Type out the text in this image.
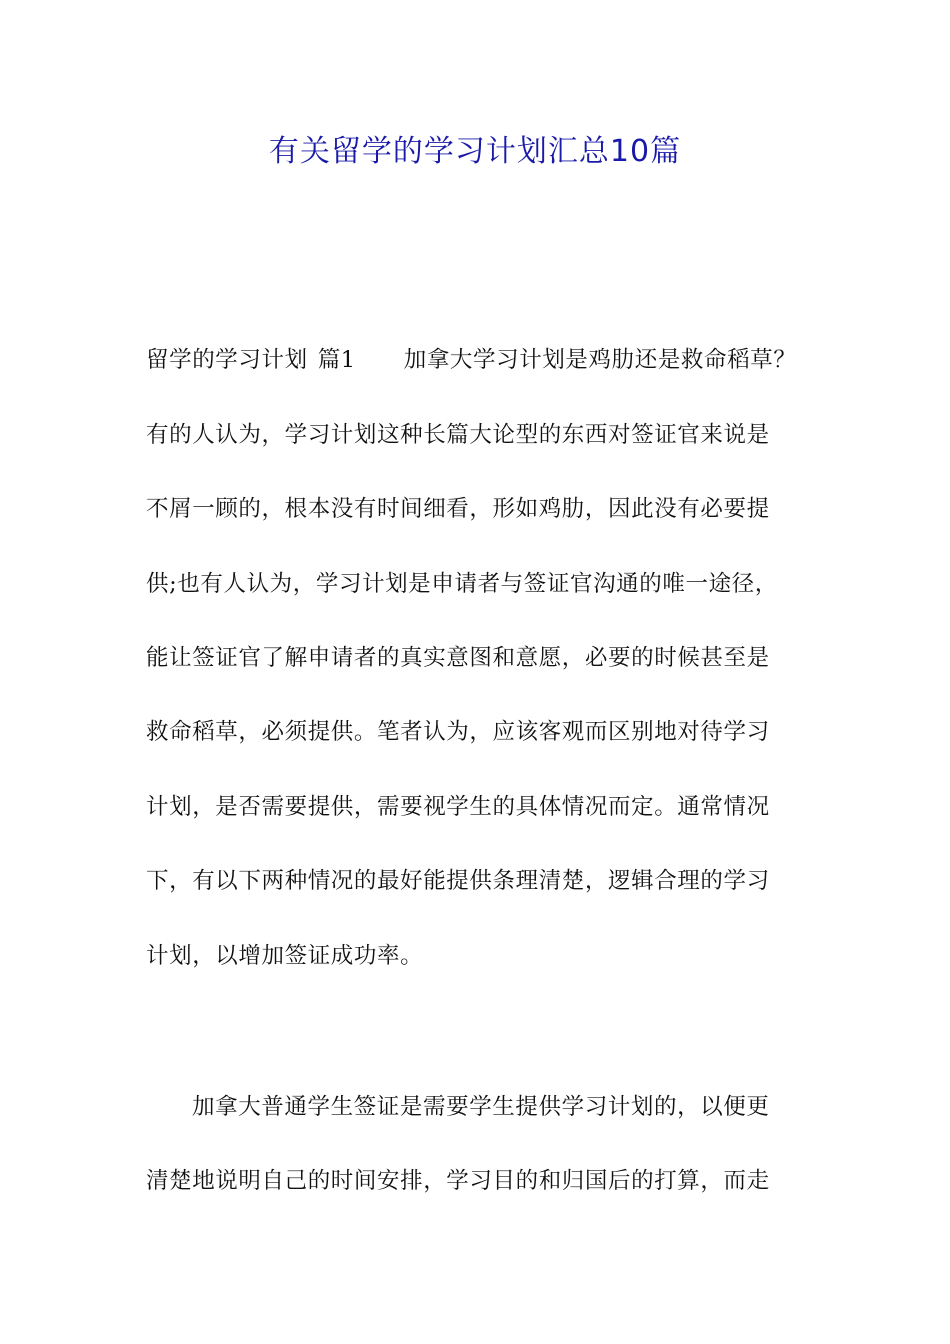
有关留学的学习计划汇总10篇
留学的学习计划 篇1 加拿大学习计划是鸡肋还是救命稻草？
有的人认为，学习计划这种长篇大论型的东西对签证官来说是
不屑一顾的，根本没有时间细看，形如鸡肋，因此没有必要提
供;也有人认为，学习计划是申请者与签证官沟通的唯一途径，
能让签证官了解申请者的真实意图和意愿，必要的时候甚至是
救命稻草，必须提供。笔者认为，应该客观而区别地对待学习
计划，是否需要提供，需要视学生的具体情况而定。通常情况
下，有以下两种情况的最好能提供条理清楚，逻辑合理的学习
计划，以增加签证成功率。
加拿大普通学生签证是需要学生提供学习计划的，以便更
清楚地说明自己的时间安排，学习目的和归国后的打算，而走
